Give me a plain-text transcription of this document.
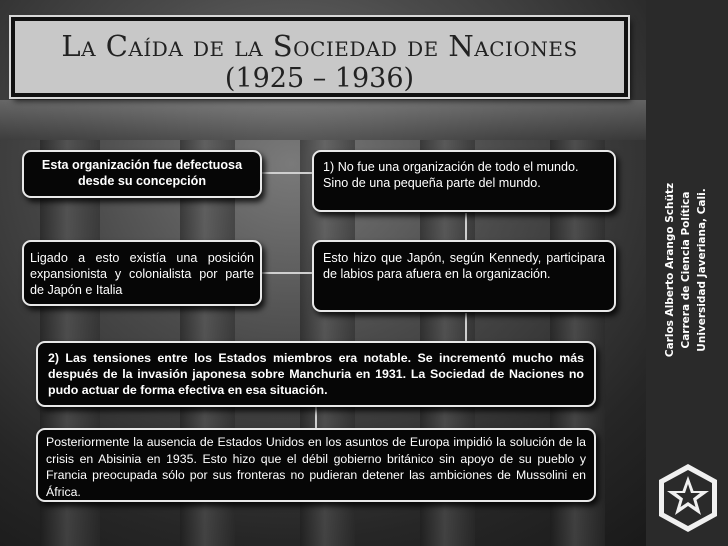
La Caída de la Sociedad de Naciones
(1925 – 1936)
Esta organización fue defectuosa desde su concepción
1) No fue una organización de todo el mundo. Sino de una pequeña parte del mundo.
Ligado a esto existía una posición expansionista y colonialista por parte de Japón e Italia
Esto hizo que Japón, según Kennedy, participara de labios para afuera en la organización.
2) Las tensiones entre los Estados miembros era notable. Se incrementó mucho más después de la invasión japonesa sobre Manchuria en 1931. La Sociedad de Naciones no pudo actuar de forma efectiva en esa situación.
Posteriormente la ausencia de Estados Unidos en los asuntos de Europa impidió la solución de la crisis en Abisinia en 1935. Esto hizo que el débil gobierno británico sin apoyo de su pueblo y Francia preocupada sólo por sus fronteras no pudieran detener las ambiciones de Mussolini en África.
Carlos Alberto Arango Schütz Carrera de Ciencia Política Universidad Javeriana, Cali.
